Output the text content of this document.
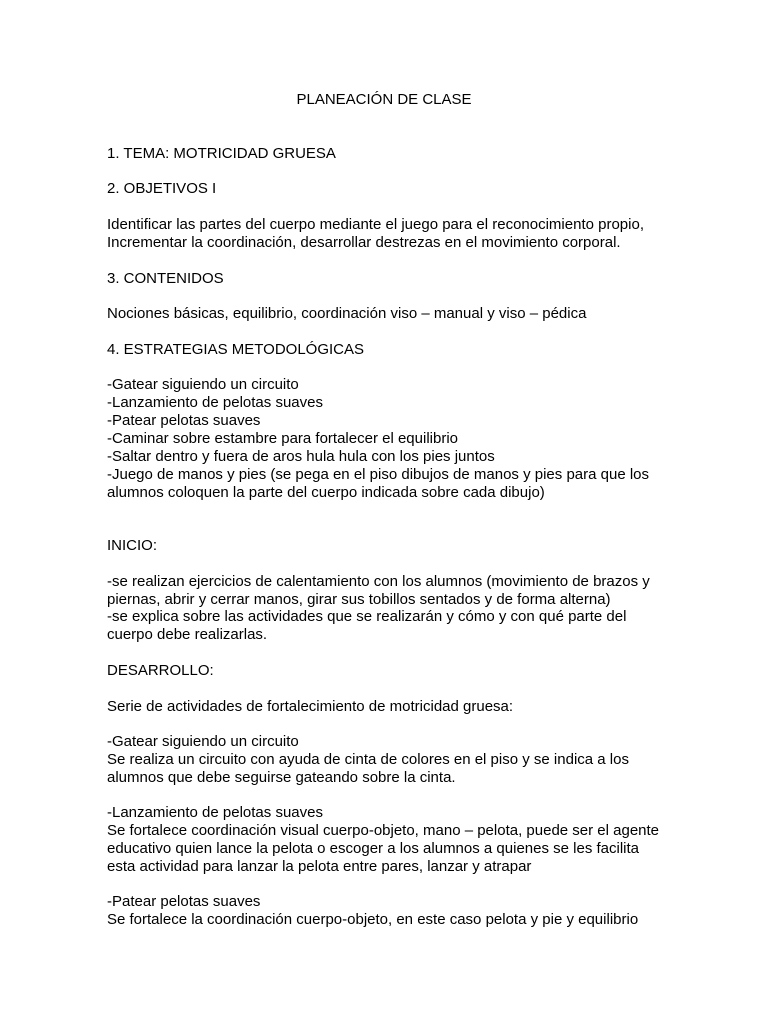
PLANEACIÓN DE CLASE
1. TEMA: MOTRICIDAD GRUESA
2. OBJETIVOS I
Identificar las partes del cuerpo mediante el juego para el reconocimiento propio,
Incrementar la coordinación, desarrollar destrezas en el movimiento corporal.
3. CONTENIDOS
Nociones básicas, equilibrio, coordinación viso – manual y viso – pédica
4. ESTRATEGIAS METODOLÓGICAS
-Gatear siguiendo un circuito
-Lanzamiento de pelotas suaves
-Patear pelotas suaves
-Caminar sobre estambre para fortalecer el equilibrio
-Saltar dentro y fuera de aros hula hula con los pies juntos
-Juego de manos y pies (se pega en el piso dibujos de manos y pies para que los
alumnos coloquen la parte del cuerpo indicada sobre cada dibujo)
INICIO:
-se realizan ejercicios de calentamiento con los alumnos (movimiento de brazos y
piernas, abrir y cerrar manos, girar sus tobillos sentados y de forma alterna)
-se explica sobre las actividades que se realizarán y cómo y con qué parte del
cuerpo debe realizarlas.
DESARROLLO:
Serie de actividades de fortalecimiento de motricidad gruesa:
-Gatear siguiendo un circuito
Se realiza un circuito con ayuda de cinta de colores en el piso y se indica a los
alumnos que debe seguirse gateando sobre la cinta.
-Lanzamiento de pelotas suaves
Se fortalece coordinación visual cuerpo-objeto, mano – pelota, puede ser el agente
educativo quien lance la pelota o escoger a los alumnos a quienes se les facilita
esta actividad para lanzar la pelota entre pares, lanzar y atrapar
-Patear pelotas suaves
Se fortalece la coordinación cuerpo-objeto, en este caso pelota y pie y equilibrio
